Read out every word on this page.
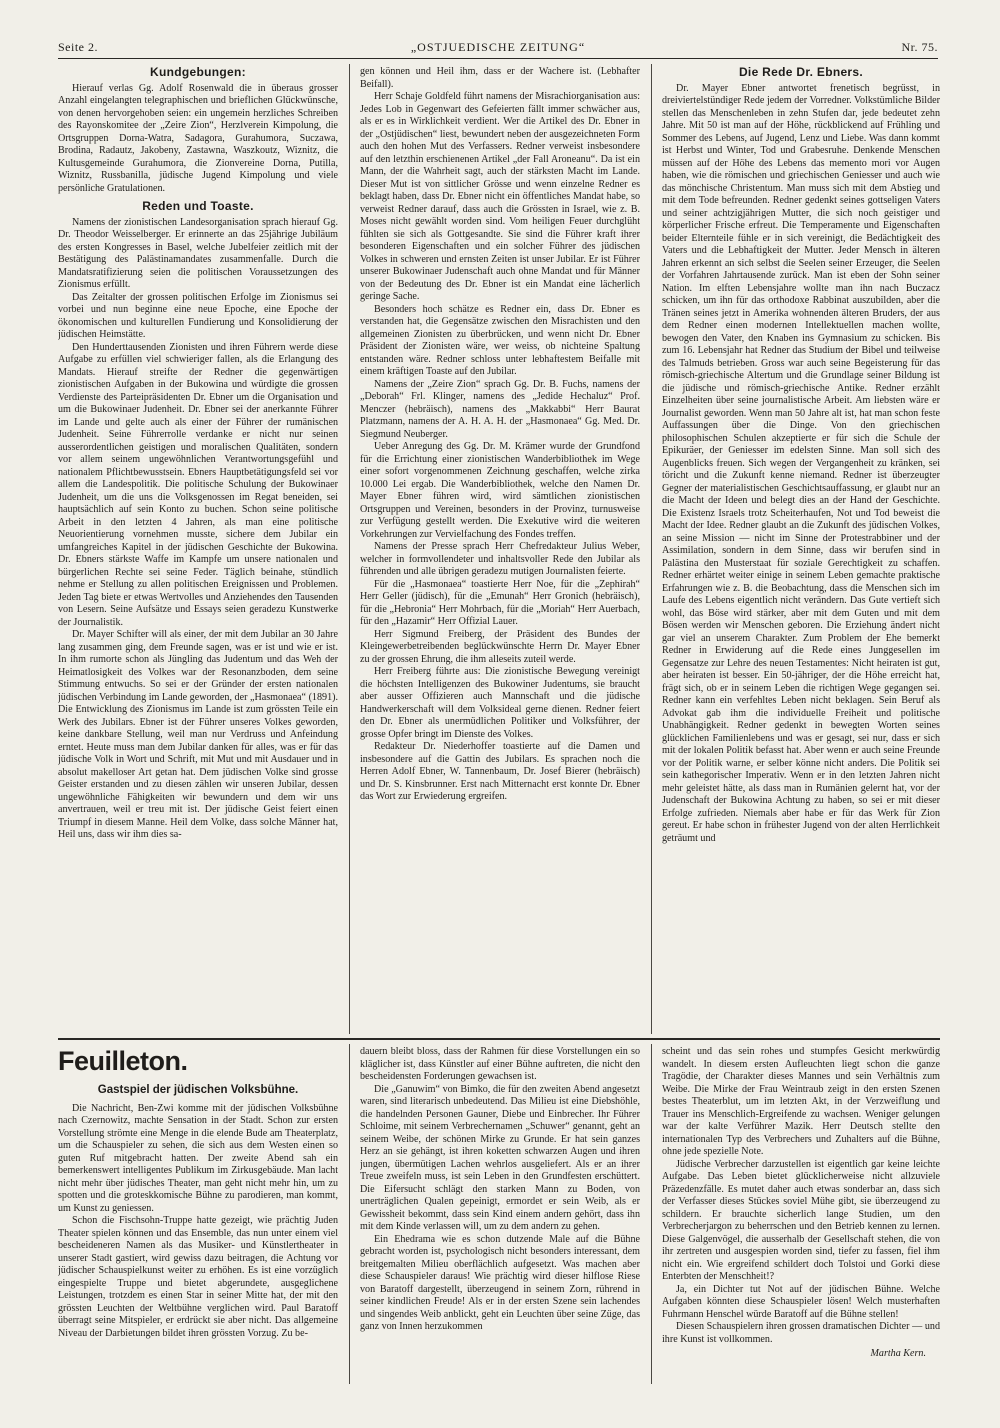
Seite 2.	„OSTJUEDISCHE ZEITUNG“	Nr. 75.
Kundgebungen:

Hierauf verlas Gg. Adolf Rosenwald die in überaus grosser Anzahl eingelangten telegraphischen und brieflichen Glückwünsche, von denen hervorgehoben seien: ein ungemein herzliches Schreiben des Rayonskomitee der „Zeire Zion“, Herzlverein Kimpolung, die Ortsgruppen Dorna-Watra, Sadagora, Gurahumora, Suczawa, Brodina, Radautz, Jakobeny, Zastawna, Waszkoutz, Wiznitz, die Kultusgemeinde Gurahumora, die Zionvereine Dorna, Putilla, Wiznitz, Russbanilla, jüdische Jugend Kimpolung und viele persönliche Gratulationen.

Reden und Toaste.

Namens der zionistischen Landesorganisation sprach hierauf Gg. Dr. Theodor Weisselberger. Er erinnerte an das 25jährige Jubiläum des ersten Kongresses in Basel, welche Jubelfeier zeitlich mit der Bestätigung des Palästinamandates zusammenfalle. Durch die Mandatsratifizierung seien die politischen Voraussetzungen des Zionismus erfüllt.

Das Zeitalter der grossen politischen Erfolge im Zionismus sei vorbei und nun beginne eine neue Epoche, eine Epoche der ökonomischen und kulturellen Fundierung und Konsolidierung der jüdischen Heimstätte.

Den Hunderttausenden Zionisten und ihren Führern werde diese Aufgabe zu erfüllen viel schwieriger fallen, als die Erlangung des Mandats. Hierauf streifte der Redner die gegenwärtigen zionistischen Aufgaben in der Bukowina und würdigte die grossen Verdienste des Parteipräsidenten Dr. Ebner um die Organisation und um die Bukowinaer Judenheit. Dr. Ebner sei der anerkannte Führer im Lande und gelte auch als einer der Führer der rumänischen Judenheit. Seine Führerrolle verdanke er nicht nur seinen ausserordentlichen geistigen und moralischen Qualitäten, sondern vor allem seinem ungewöhnlichen Verantwortungsgefühl und nationalem Pflichtbewusstsein. Ebners Hauptbetätigungsfeld sei vor allem die Landespolitik. Die politische Schulung der Bukowinaer Judenheit, um die uns die Volksgenossen im Regat beneiden, sei hauptsächlich auf sein Konto zu buchen. Schon seine politische Arbeit in den letzten 4 Jahren, als man eine politische Neuorientierung vornehmen musste, sichere dem Jubilar ein umfangreiches Kapitel in der jüdischen Geschichte der Bukowina. Dr. Ebners stärkste Waffe im Kampfe um unsere nationalen und bürgerlichen Rechte sei seine Feder. Täglich beinahe, stündlich nehme er Stellung zu allen politischen Ereignissen und Problemen. Jeden Tag biete er etwas Wertvolles und Anziehendes den Tausenden von Lesern. Seine Aufsätze und Essays seien geradezu Kunstwerke der Journalistik.

Dr. Mayer Schifter will als einer, der mit dem Jubilar an 30 Jahre lang zusammen ging, dem Freunde sagen, was er ist und wie er ist. In ihm rumorte schon als Jüngling das Judentum und das Weh der Heimatlosigkeit des Volkes war der Resonanzboden, dem seine Stimmung entwuchs. So sei er der Gründer der ersten nationalen jüdischen Verbindung im Lande geworden, der „Hasmonaea“ (1891). Die Entwicklung des Zionismus im Lande ist zum grössten Teile ein Werk des Jubilars. Ebner ist der Führer unseres Volkes geworden, keine dankbare Stellung, weil man nur Verdruss und Anfeindung erntet. Heute muss man dem Jubilar danken für alles, was er für das jüdische Volk in Wort und Schrift, mit Mut und mit Ausdauer und in absolut makelloser Art getan hat. Dem jüdischen Volke sind grosse Geister erstanden und zu diesen zählen wir unseren Jubilar, dessen ungewöhnliche Fähigkeiten wir bewundern und dem wir uns anvertrauen, weil er treu mit ist. Der jüdische Geist feiert einen Triumpf in diesem Manne. Heil dem Volke, dass solche Männer hat, Heil uns, dass wir ihm dies sa-

gen können und Heil ihm, dass er der Wachere ist. (Lebhafter Beifall).

Herr Schaje Goldfeld führt namens der Misrachiorganisation aus: Jedes Lob in Gegenwart des Gefeierten fällt immer schwächer aus, als er es in Wirklichkeit verdient. Wer die Artikel des Dr. Ebner in der „Ostjüdischen“ liest, bewundert neben der ausgezeichneten Form auch den hohen Mut des Verfassers. Redner verweist insbesondere auf den letzthin erschienenen Artikel „der Fall Aroneanu“. Da ist ein Mann, der die Wahrheit sagt, auch der stärksten Macht im Lande. Dieser Mut ist von sittlicher Grösse und wenn einzelne Redner es beklagt haben, dass Dr. Ebner nicht ein öffentliches Mandat habe, so verweist Redner darauf, dass auch die Grössten in Israel, wie z. B. Moses nicht gewählt worden sind. Vom heiligen Feuer durchglüht fühlten sie sich als Gottgesandte. Sie sind die Führer kraft ihrer besonderen Eigenschaften und ein solcher Führer des jüdischen Volkes in schweren und ernsten Zeiten ist unser Jubilar. Er ist Führer unserer Bukowinaer Judenschaft auch ohne Mandat und für Männer von der Bedeutung des Dr. Ebner ist ein Mandat eine lächerlich geringe Sache.

Besonders hoch schätze es Redner ein, dass Dr. Ebner es verstanden hat, die Gegensätze zwischen den Misrachisten und den allgemeinen Zionisten zu überbrücken, und wenn nicht Dr. Ebner Präsident der Zionisten wäre, wer weiss, ob nichteine Spaltung entstanden wäre. Redner schloss unter lebhaftestem Beifalle mit einem kräftigen Toaste auf den Jubilar.

Namens der „Zeire Zion“ sprach Gg. Dr. B. Fuchs, namens der „Deborah“ Frl. Klinger, namens des „Jedide Hechaluz“ Prof. Menczer (hebräisch), namens des „Makkabbi“ Herr Baurat Platzmann, namens der A. H. A. H. der „Hasmonaea“ Gg. Med. Dr. Siegmund Neuberger.

Ueber Anregung des Gg. Dr. M. Krämer wurde der Grundfond für die Errichtung einer zionistischen Wanderbibliothek im Wege einer sofort vorgenommenen Zeichnung geschaffen, welche zirka 10.000 Lei ergab. Die Wanderbibliothek, welche den Namen Dr. Mayer Ebner führen wird, wird sämtlichen zionistischen Ortsgruppen und Vereinen, besonders in der Provinz, turnusweise zur Verfügung gestellt werden. Die Exekutive wird die weiteren Vorkehrungen zur Vervielfachung des Fondes treffen.

Namens der Presse sprach Herr Chefredakteur Julius Weber, welcher in formvollendeter und inhaltsvoller Rede den Jubilar als führenden und alle übrigen geradezu mutigen Journalisten feierte.

Für die „Hasmonaea“ toastierte Herr Noe, für die „Zephirah“ Herr Geller (jüdisch), für die „Emunah“ Herr Gronich (hebräisch), für die „Hebronia“ Herr Mohrbach, für die „Moriah“ Herr Auerbach, für den „Hazamir“ Herr Offizial Lauer.

Herr Sigmund Freiberg, der Präsident des Bundes der Kleingewerbetreibenden beglückwünschte Herrn Dr. Mayer Ebner zu der grossen Ehrung, die ihm alleseits zuteil werde.

Herr Freiberg führte aus: Die zionistische Bewegung vereinigt die höchsten Intelligenzen des Bukowiner Judentums, sie braucht aber ausser Offizieren auch Mannschaft und die jüdische Handwerkerschaft will dem Volksideal gerne dienen. Redner feiert den Dr. Ebner als unermüdlichen Politiker und Volksführer, der grosse Opfer bringt im Dienste des Volkes.

Redakteur Dr. Niederhoffer toastierte auf die Damen und insbesondere auf die Gattin des Jubilars. Es sprachen noch die Herren Adolf Ebner, W. Tannenbaum, Dr. Josef Bierer (hebräisch) und Dr. S. Kinsbrunner. Erst nach Mitternacht erst konnte Dr. Ebner das Wort zur Erwiederung ergreifen.

Die Rede Dr. Ebners.

Dr. Mayer Ebner antwortet frenetisch begrüsst, in dreiviertelstündiger Rede jedem der Vorredner. Volkstümliche Bilder stellen das Menschenleben in zehn Stufen dar, jede bedeutet zehn Jahre. Mit 50 ist man auf der Höhe, rückblickend auf Frühling und Sommer des Lebens, auf Jugend, Lenz und Liebe. Was dann kommt ist Herbst und Winter, Tod und Grabesruhe. Denkende Menschen müssen auf der Höhe des Lebens das memento mori vor Augen haben, wie die römischen und griechischen Geniesser und auch wie das mönchische Christentum. Man muss sich mit dem Abstieg und mit dem Tode befreunden. Redner gedenkt seines gottseligen Vaters und seiner achtzigjährigen Mutter, die sich noch geistiger und körperlicher Frische erfreut. Die Temperamente und Eigenschaften beider Elternteile fühle er in sich vereinigt, die Bedächtigkeit des Vaters und die Lebhaftigkeit der Mutter. Jeder Mensch in älteren Jahren erkennt an sich selbst die Seelen seiner Erzeuger, die Seelen der Vorfahren Jahrtausende zurück. Man ist eben der Sohn seiner Nation. Im elften Lebensjahre wollte man ihn nach Buczacz schicken, um ihn für das orthodoxe Rabbinat auszubilden, aber die Tränen seines jetzt in Amerika wohnenden älteren Bruders, der aus dem Redner einen modernen Intellektuellen machen wollte, bewogen den Vater, den Knaben ins Gymnasium zu schicken. Bis zum 16. Lebensjahr hat Redner das Studium der Bibel und teilweise des Talmuds betrieben. Gross war auch seine Begeisterung für das römisch-griechische Altertum und die Grundlage seiner Bildung ist die jüdische und römisch-griechische Antike. Redner erzählt Einzelheiten über seine journalistische Arbeit. Am liebsten wäre er Journalist geworden. Wenn man 50 Jahre alt ist, hat man schon feste Auffassungen über die Dinge. Von den griechischen philosophischen Schulen akzeptierte er für sich die Schule der Epikuräer, der Geniesser im edelsten Sinne. Man soll sich des Augenblicks freuen. Sich wegen der Vergangenheit zu kränken, sei töricht und die Zukunft kenne niemand. Redner ist überzeugter Gegner der materialistischen Geschichtsauffassung, er glaubt nur an die Macht der Ideen und belegt dies an der Hand der Geschichte. Die Existenz Israels trotz Scheiterhaufen, Not und Tod beweist die Macht der Idee. Redner glaubt an die Zukunft des jüdischen Volkes, an seine Mission — nicht im Sinne der Protestrabbiner und der Assimilation, sondern in dem Sinne, dass wir berufen sind in Palästina den Musterstaat für soziale Gerechtigkeit zu schaffen. Redner erhärtet weiter einige in seinem Leben gemachte praktische Erfahrungen wie z. B. die Beobachtung, dass die Menschen sich im Laufe des Lebens eigentlich nicht verändern. Das Gute vertieft sich wohl, das Böse wird stärker, aber mit dem Guten und mit dem Bösen werden wir Menschen geboren. Die Erziehung ändert nicht gar viel an unserem Charakter. Zum Problem der Ehe bemerkt Redner in Erwiderung auf die Rede eines Junggesellen im Gegensatze zur Lehre des neuen Testamentes: Nicht heiraten ist gut, aber heiraten ist besser. Ein 50-jähriger, der die Höhe erreicht hat, frägt sich, ob er in seinem Leben die richtigen Wege gegangen sei. Redner kann ein verfehltes Leben nicht beklagen. Sein Beruf als Advokat gab ihm die individuelle Freiheit und politische Unabhängigkeit. Redner gedenkt in bewegten Worten seines glücklichen Familienlebens und was er gesagt, sei nur, dass er sich mit der lokalen Politik befasst hat. Aber wenn er auch seine Freunde vor der Politik warne, er selber könne nicht anders. Die Politik sei sein kathegorischer Imperativ. Wenn er in den letzten Jahren nicht mehr geleistet hätte, als dass man in Rumänien gelernt hat, vor der Judenschaft der Bukowina Achtung zu haben, so sei er mit dieser Erfolge zufrieden. Niemals aber habe er für das Werk für Zion gereut. Er habe schon in frühester Jugend von der alten Herrlichkeit geträumt und

Feuilleton.
Gastspiel der jüdischen Volksbühne.

Die Nachricht, Ben-Zwi komme mit der jüdischen Volksbühne nach Czernowitz, machte Sensation in der Stadt. Schon zur ersten Vorstellung strömte eine Menge in die elende Bude am Theaterplatz, um die Schauspieler zu sehen, die sich aus dem Westen einen so guten Ruf mitgebracht hatten. Der zweite Abend sah ein bemerkenswert intelligentes Publikum im Zirkusgebäude. Man lacht nicht mehr über jüdisches Theater, man geht nicht mehr hin, um zu spotten und die groteskkomische Bühne zu parodieren, man kommt, um Kunst zu geniessen.

Schon die Fischsohn-Truppe hatte gezeigt, wie prächtig Juden Theater spielen können und das Ensemble, das nun unter einem viel bescheideneren Namen als das Musiker- und Künstlertheater in unserer Stadt gastiert, wird gewiss dazu beitragen, die Achtung vor jüdischer Schauspielkunst weiter zu erhöhen. Es ist eine vorzüglich eingespielte Truppe und bietet abgerundete, ausgeglichene Leistungen, trotzdem es einen Star in seiner Mitte hat, der mit den grössten Leuchten der Weltbühne verglichen wird. Paul Baratoff überragt seine Mitspieler, er erdrückt sie aber nicht. Das allgemeine Niveau der Darbietungen bildet ihren grössten Vorzug. Zu be-

dauern bleibt bloss, dass der Rahmen für diese Vorstellungen ein so kläglicher ist, dass Künstler auf einer Bühne auftreten, die nicht den bescheidensten Forderungen gewachsen ist.

Die „Ganuwim“ von Bimko, die für den zweiten Abend angesetzt waren, sind literarisch unbedeutend. Das Milieu ist eine Diebshöhle, die handelnden Personen Gauner, Diebe und Einbrecher. Ihr Führer Schloime, mit seinem Verbrechernamen „Schuwer“ genannt, geht an seinem Weibe, der schönen Mirke zu Grunde. Er hat sein ganzes Herz an sie gehängt, ist ihren koketten schwarzen Augen und ihren jungen, übermütigen Lachen wehrlos ausgeliefert. Als er an ihrer Treue zweifeln muss, ist sein Leben in den Grundfesten erschüttert. Die Eifersucht schlägt den starken Mann zu Boden, von unerträglichen Qualen gepeinigt, ermordet er sein Weib, als er Gewissheit bekommt, dass sein Kind einem andern gehört, dass ihn mit dem Kinde verlassen will, um zu dem andern zu gehen.

Ein Ehedrama wie es schon dutzende Male auf die Bühne gebracht worden ist, psychologisch nicht besonders interessant, dem breitgemalten Milieu oberflächlich aufgesetzt. Was machen aber diese Schauspieler daraus! Wie prächtig wird dieser hilflose Riese von Baratoff dargestellt, überzeugend in seinem Zorn, rührend in seiner kindlichen Freude! Als er in der ersten Szene sein lachendes und singendes Weib anblickt, geht ein Leuchten über seine Züge, das ganz von Innen herzukommen

scheint und das sein rohes und stumpfes Gesicht merkwürdig wandelt. In diesem ersten Aufleuchten liegt schon die ganze Tragödie, der Charakter dieses Mannes und sein Verhältnis zum Weibe. Die Mirke der Frau Weintraub zeigt in den ersten Szenen bestes Theaterblut, um im letzten Akt, in der Verzweiflung und Trauer ins Menschlich-Ergreifende zu wachsen. Weniger gelungen war der kalte Verführer Mazik. Herr Deutsch stellte den internationalen Typ des Verbrechers und Zuhalters auf die Bühne, ohne jede spezielle Note.

Jüdische Verbrecher darzustellen ist eigentlich gar keine leichte Aufgabe. Das Leben bietet glücklicherweise nicht allzuviele Präzedenzfälle. Es mutet daher auch etwas sonderbar an, dass sich der Verfasser dieses Stückes soviel Mühe gibt, sie überzeugend zu schildern. Er brauchte sicherlich lange Studien, um den Verbrecherjargon zu beherrschen und den Betrieb kennen zu lernen. Diese Galgenvögel, die ausserhalb der Gesellschaft stehen, die von ihr zertreten und ausgespien worden sind, tiefer zu fassen, fiel ihm nicht ein. Wie ergreifend schildert doch Tolstoi und Gorki diese Enterbten der Menschheit!?

Ja, ein Dichter tut Not auf der jüdischen Bühne. Welche Aufgaben könnten diese Schauspieler lösen! Welch musterhaften Fuhrmann Henschel würde Baratoff auf die Bühne stellen!

Diesen Schauspielern ihren grossen dramatischen Dichter — und ihre Kunst ist vollkommen.

Martha Kern.
